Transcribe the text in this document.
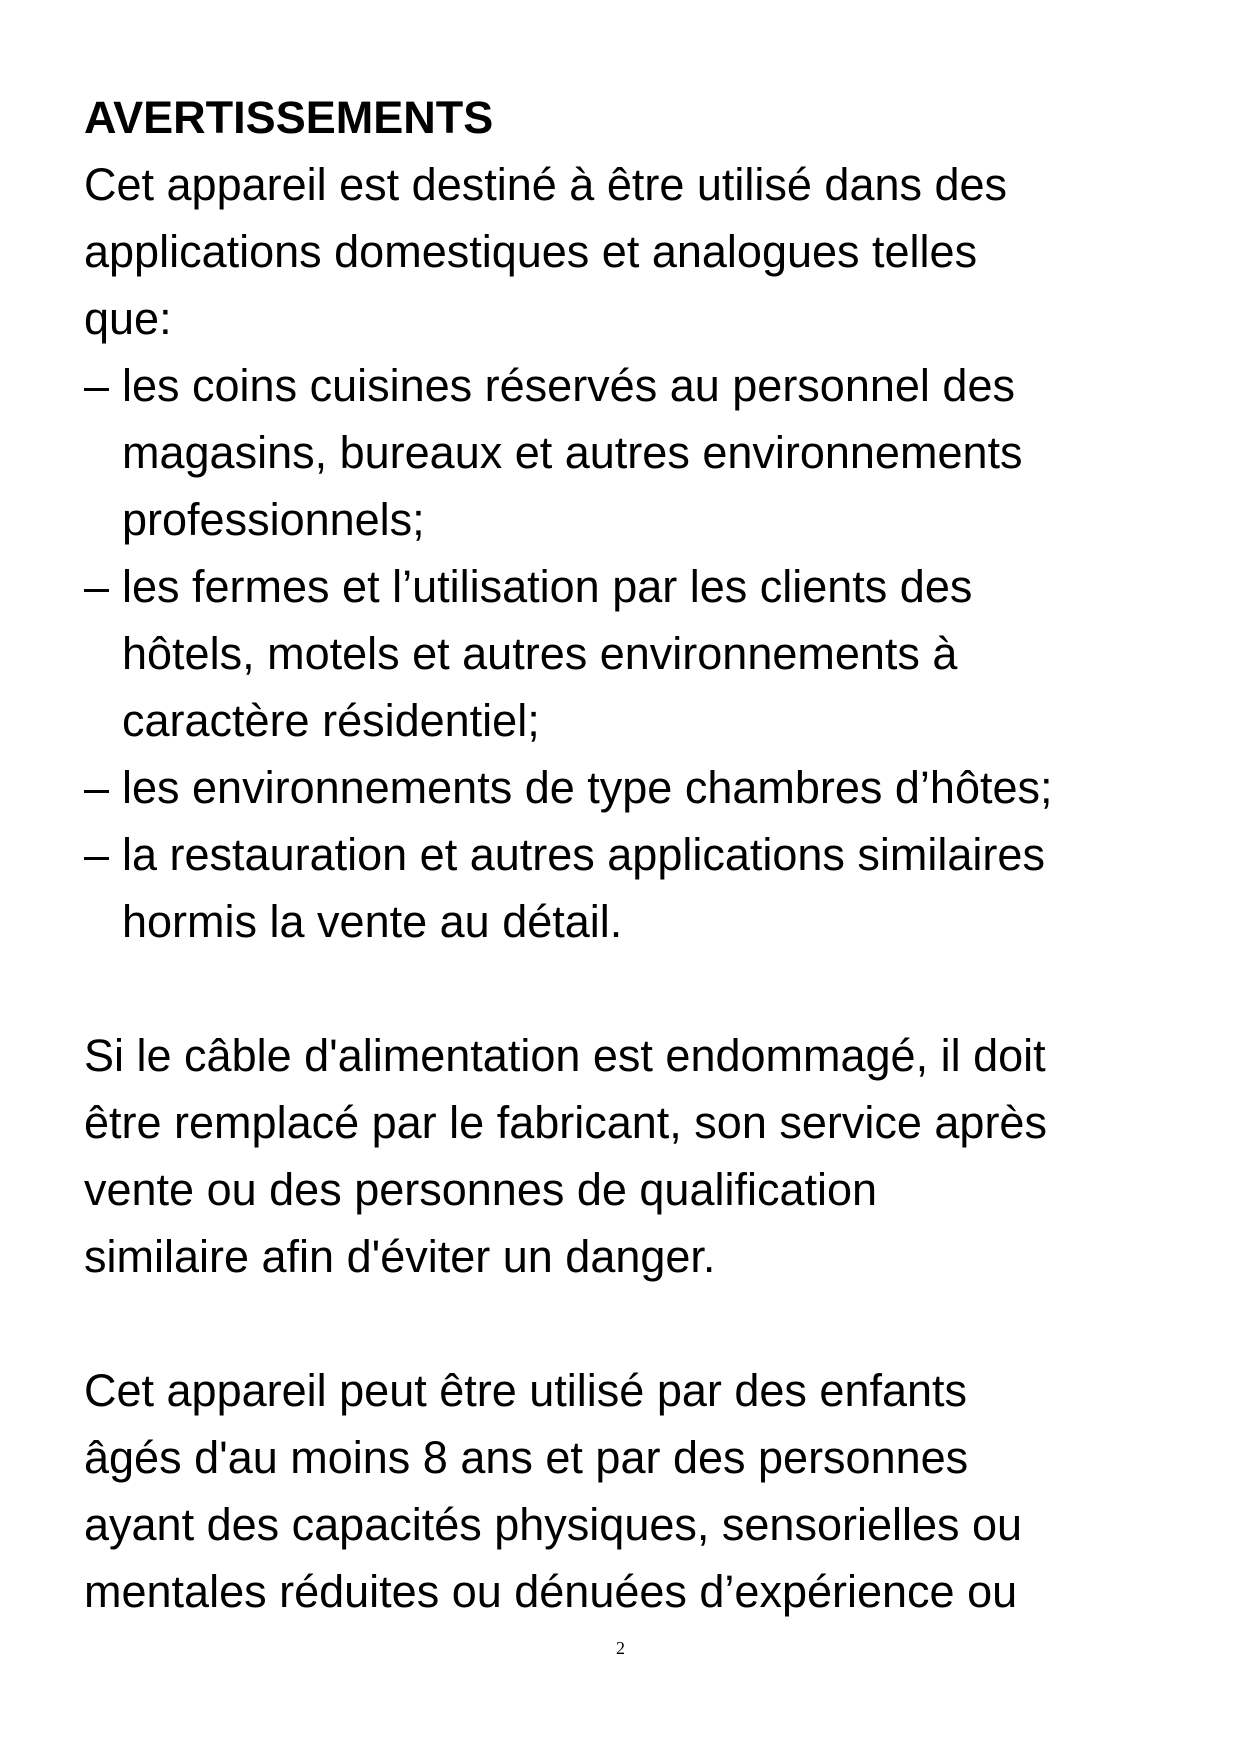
AVERTISSEMENTS

Cet appareil est destiné à être utilisé dans des

applications domestiques et analogues telles

que:

– les coins cuisines réservés au personnel des

magasins, bureaux et autres environnements

professionnels;

– les fermes et l’utilisation par les clients des

hôtels, motels et autres environnements à

caractère résidentiel;

– les environnements de type chambres d’hôtes;

– la restauration et autres applications similaires

hormis la vente au détail.

Si le câble d'alimentation est endommagé, il doit

être remplacé par le fabricant, son service après

vente ou des personnes de qualification

similaire afin d'éviter un danger.

Cet appareil peut être utilisé par des enfants

âgés d'au moins 8 ans et par des personnes

ayant des capacités physiques, sensorielles ou

mentales réduites ou dénuées d’expérience ou

2
